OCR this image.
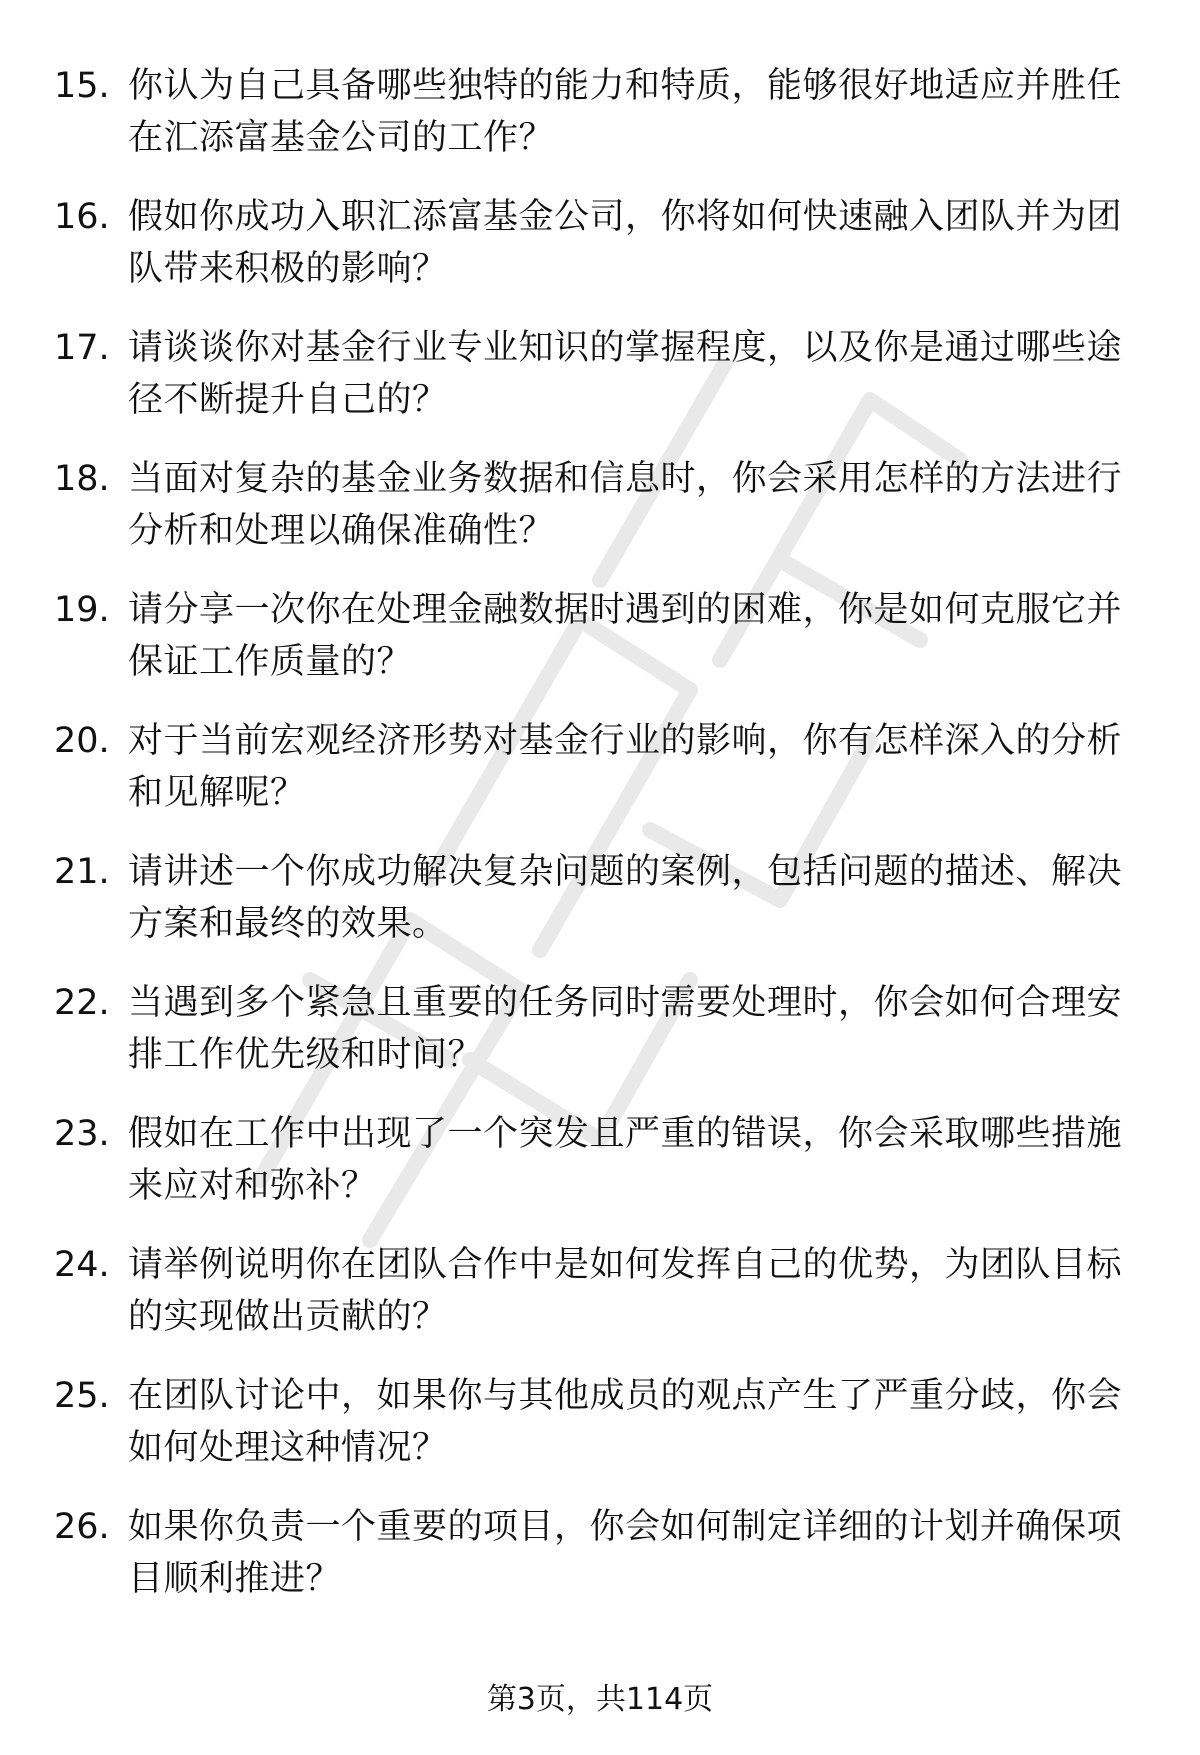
15. 你认为自己具备哪些独特的能力和特质，能够很好地适应并胜任在汇添富基金公司的工作？
16. 假如你成功入职汇添富基金公司，你将如何快速融入团队并为团队带来积极的影响？
17. 请谈谈你对基金行业专业知识的掌握程度，以及你是通过哪些途径不断提升自己的？
18. 当面对复杂的基金业务数据和信息时，你会采用怎样的方法进行分析和处理以确保准确性？
19. 请分享一次你在处理金融数据时遇到的困难，你是如何克服它并保证工作质量的？
20. 对于当前宏观经济形势对基金行业的影响，你有怎样深入的分析和见解呢？
21. 请讲述一个你成功解决复杂问题的案例，包括问题的描述、解决方案和最终的效果。
22. 当遇到多个紧急且重要的任务同时需要处理时，你会如何合理安排工作优先级和时间？
23. 假如在工作中出现了一个突发且严重的错误，你会采取哪些措施来应对和弥补？
24. 请举例说明你在团队合作中是如何发挥自己的优势，为团队目标的实现做出贡献的？
25. 在团队讨论中，如果你与其他成员的观点产生了严重分歧，你会如何处理这种情况？
26. 如果你负责一个重要的项目，你会如何制定详细的计划并确保项目顺利推进？
第3页，共114页
